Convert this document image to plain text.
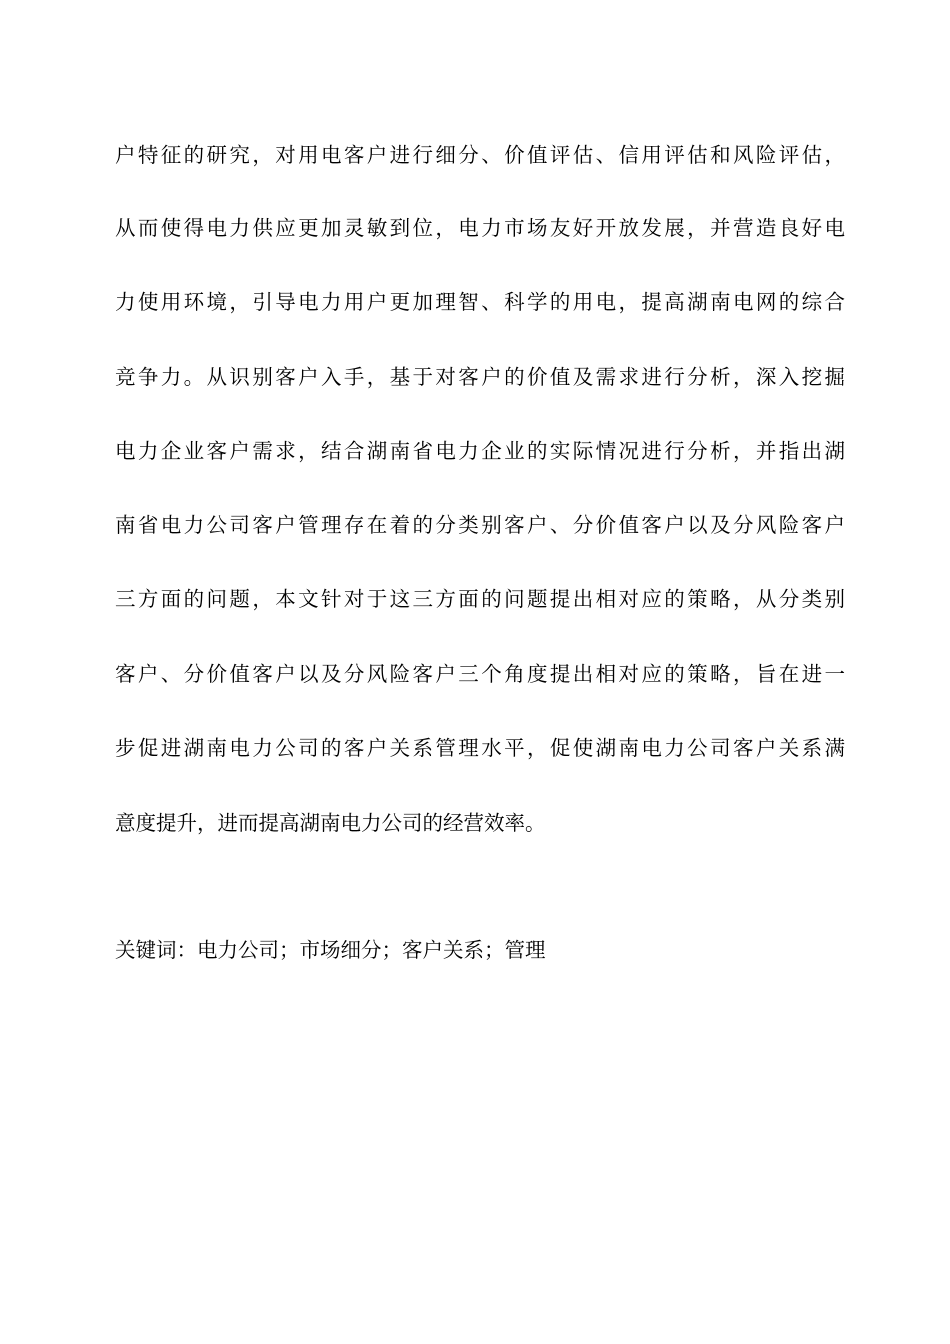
户特征的研究，对用电客户进行细分、价值评估、信用评估和风险评估，
从而使得电力供应更加灵敏到位，电力市场友好开放发展，并营造良好电
力使用环境，引导电力用户更加理智、科学的用电，提高湖南电网的综合
竞争力。从识别客户入手，基于对客户的价值及需求进行分析，深入挖掘
电力企业客户需求，结合湖南省电力企业的实际情况进行分析，并指出湖
南省电力公司客户管理存在着的分类别客户、分价值客户以及分风险客户
三方面的问题，本文针对于这三方面的问题提出相对应的策略，从分类别
客户、分价值客户以及分风险客户三个角度提出相对应的策略，旨在进一
步促进湖南电力公司的客户关系管理水平，促使湖南电力公司客户关系满
意度提升，进而提高湖南电力公司的经营效率。
关键词：电力公司；市场细分；客户关系；管理
